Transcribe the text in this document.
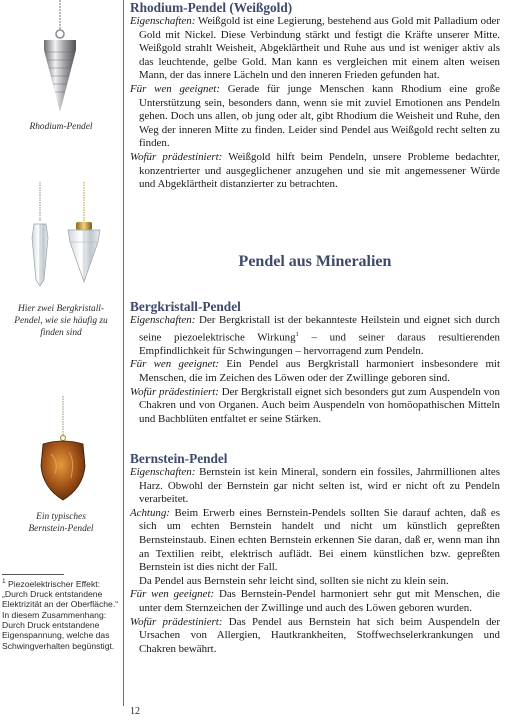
Rhodium-Pendel
Hier zwei Bergkristall-Pendel, wie sie häufig zu finden sind
Ein typisches Bernstein-Pendel
$^1$ Piezoelektrischer Effekt: „Durch Druck entstandene Elektrizität an der Oberfläche.“ In diesem Zusammenhang: Durch Druck entstandene Eigenspannung, welche das Schwingverhalten begünstigt.
Rhodium-Pendel (Weißgold)

Eigenschaften: Weißgold ist eine Legierung, bestehend aus Gold mit Palladium oder Gold mit Nickel. Diese Verbindung stärkt und festigt die Kräfte unserer Mitte. Weißgold strahlt Weisheit, Abgeklärtheit und Ruhe aus und ist weniger aktiv als das leuchtende, gelbe Gold. Man kann es vergleichen mit einem alten weisen Mann, der das innere Lächeln und den inneren Frieden gefunden hat.

Für wen geeignet: Gerade für junge Menschen kann Rhodium eine große Unterstützung sein, besonders dann, wenn sie mit zuviel Emotionen ans Pendeln gehen. Doch uns allen, ob jung oder alt, gibt Rhodium die Weisheit und Ruhe, den Weg der inneren Mitte zu finden. Leider sind Pendel aus Weißgold recht selten zu finden.

Wofür prädestiniert: Weißgold hilft beim Pendeln, unsere Probleme bedachter, konzentrierter und ausgeglichener anzugehen und sie mit angemessener Würde und Abgeklärtheit distanzierter zu betrachten.

Pendel aus Mineralien
Bergkristall-Pendel

Eigenschaften: Der Bergkristall ist der bekannteste Heilstein und eignet sich durch seine piezoelektrische Wirkung$^1$ – und seiner daraus resultierenden Empfindlichkeit für Schwingungen – hervorragend zum Pendeln.

Für wen geeignet: Ein Pendel aus Bergkristall harmoniert insbesondere mit Menschen, die im Zeichen des Löwen oder der Zwillinge geboren sind.

Wofür prädestiniert: Der Bergkristall eignet sich besonders gut zum Auspendeln von Chakren und von Organen. Auch beim Auspendeln von homöopathischen Mitteln und Bachblüten entfaltet er seine Stärken.

Bernstein-Pendel

Eigenschaften: Bernstein ist kein Mineral, sondern ein fossiles, Jahrmillionen altes Harz. Obwohl der Bernstein gar nicht selten ist, wird er nicht oft zu Pendeln verarbeitet.

Achtung: Beim Erwerb eines Bernstein-Pendels sollten Sie darauf achten, daß es sich um echten Bernstein handelt und nicht um künstlich gepreßten Bernsteinstaub. Einen echten Bernstein erkennen Sie daran, daß er, wenn man ihn an Textilien reibt, elektrisch auflädt. Bei einem künstlichen bzw. gepreßten Bernstein ist dies nicht der Fall.

Da Pendel aus Bernstein sehr leicht sind, sollten sie nicht zu klein sein.

Für wen geeignet: Das Bernstein-Pendel harmoniert sehr gut mit Menschen, die unter dem Sternzeichen der Zwillinge und auch des Löwen geboren wurden.

Wofür prädestiniert: Das Pendel aus Bernstein hat sich beim Auspendeln der Ursachen von Allergien, Hautkrankheiten, Stoffwechselerkrankungen und Chakren bewährt.

12
